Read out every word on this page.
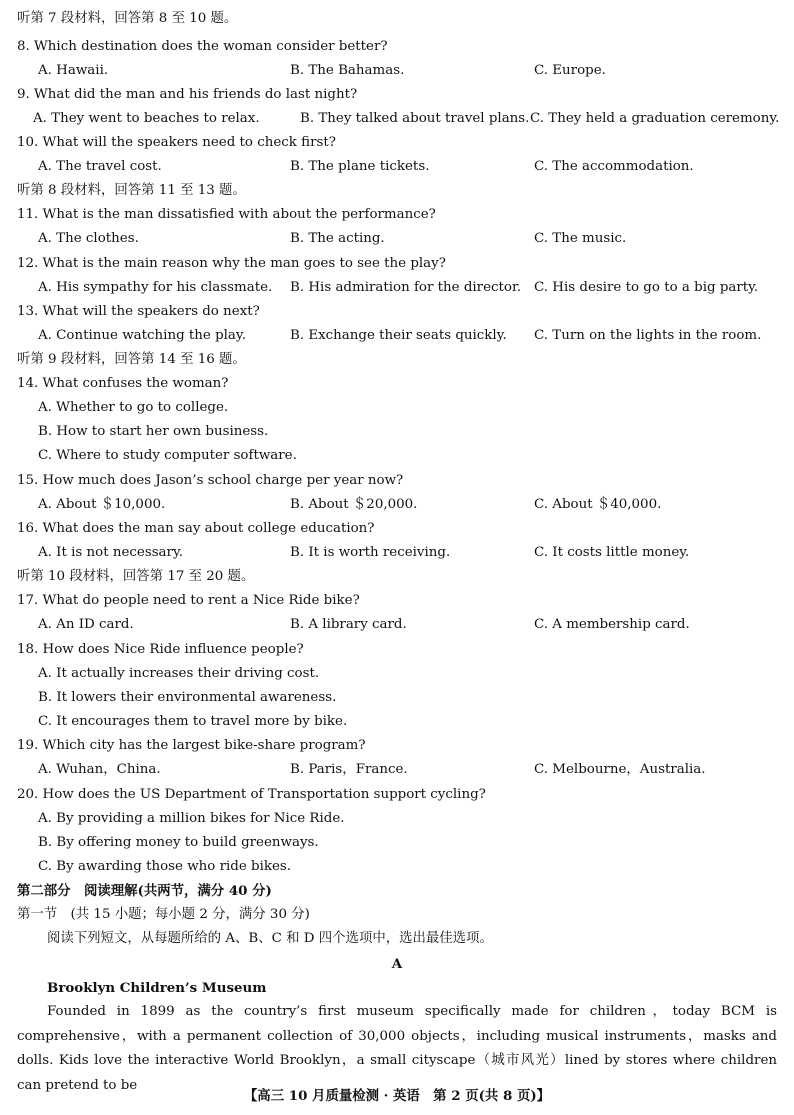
听第 7 段材料，回答第 8 至 10 题。
8. Which destination does the woman consider better?
A. Hawaii.	B. The Bahamas.	C. Europe.
9. What did the man and his friends do last night?
A. They went to beaches to relax.	B. They talked about travel plans. C. They held a graduation ceremony.
10. What will the speakers need to check first?
A. The travel cost.	B. The plane tickets.	C. The accommodation.
听第 8 段材料，回答第 11 至 13 题。
11. What is the man dissatisfied with about the performance?
A. The clothes.	B. The acting.	C. The music.
12. What is the main reason why the man goes to see the play?
A. His sympathy for his classmate. B. His admiration for the director. C. His desire to go to a big party.
13. What will the speakers do next?
A. Continue watching the play.	B. Exchange their seats quickly. C. Turn on the lights in the room.
听第 9 段材料，回答第 14 至 16 题。
14. What confuses the woman?
A. Whether to go to college.
B. How to start her own business.
C. Where to study computer software.
15. How much does Jason’s school charge per year now?
A. About ＄10,000.	B. About ＄20,000.	C. About ＄40,000.
16. What does the man say about college education?
A. It is not necessary.	B. It is worth receiving.	C. It costs little money.
听第 10 段材料，回答第 17 至 20 题。
17. What do people need to rent a Nice Ride bike?
A. An ID card.	B. A library card.	C. A membership card.
18. How does Nice Ride influence people?
A. It actually increases their driving cost.
B. It lowers their environmental awareness.
C. It encourages them to travel more by bike.
19. Which city has the largest bike-share program?
A. Wuhan，China.	B. Paris，France.	C. Melbourne，Australia.
20. How does the US Department of Transportation support cycling?
A. By providing a million bikes for Nice Ride.
B. By offering money to build greenways.
C. By awarding those who ride bikes.
第二部分　阅读理解(共两节，满分 40 分)
第一节　(共 15 小题；每小题 2 分，满分 30 分)
阅读下列短文，从每题所给的 A、B、C 和 D 四个选项中，选出最佳选项。
A
Brooklyn Children’s Museum
Founded in 1899 as the country’s first museum specifically made for children，today BCM is comprehensive，with a permanent collection of 30,000 objects，including musical instruments，masks and dolls. Kids love the interactive World Brooklyn，a small cityscape（城市风光）lined by stores where children can pretend to be
【高三 10 月质量检测 · 英语　第 2 页(共 8 页)】
